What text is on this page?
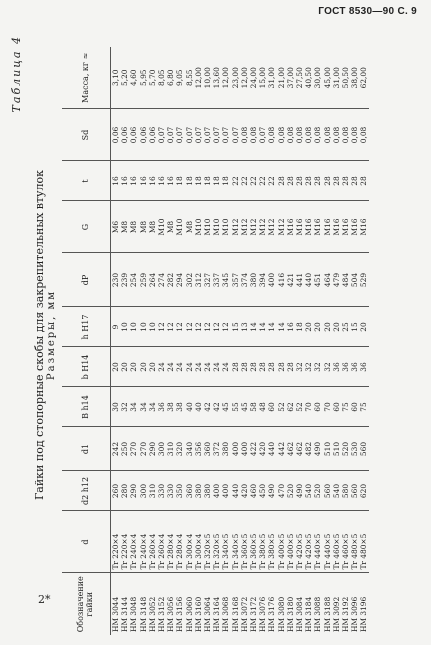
ГОСТ 8530—90 С. 9
2*
Таблица 4
Гайки под стопорные скобы для закрепительных втулок Размеры, мм
Обозначение гайки	d	d2 h12	d1	B h14	b H14	h H17	dP	G	t	Sd	Масса, кг ≈
НМ 3044	Tr 220×4	260	242	30	20	9	230	М6	16	0,06	3,10
НМ 3144	Tr 220×4	280	250	32	20	10	239	М8	16	0,06	5,20
НМ 3048	Tr 240×4	290	270	34	20	10	254	М8	16	0,06	4,60
НМ 3148	Tr 240×4	300	270	34	20	10	259	М8	16	0,06	5,95
НМ 3052	Tr 260×4	310	290	34	20	10	264	М8	16	0,06	5,70
НМ 3152	Tr 260×4	330	300	36	24	12	274	М10	16	0,07	8,05
НМ 3056	Tr 280×4	330	310	38	24	12	282	М8	16	0,07	6,80
НМ 3156	Tr 280×4	350	320	38	24	12	294	М10	18	0,07	9,05
НМ 3060	Tr 300×4	360	340	40	24	12	302	М8	18	0,07	8,55
НМ 3160	Tr 300×4	380	356	40	24	12	312	М10	18	0,07	12,00
НМ 3064	Tr 320×5	380	360	42	24	12	327	М10	18	0,07	10,00
НМ 3164	Tr 320×5	400	372	42	24	12	337	М10	18	0,07	13,60
НМ 3068	Tr 340×5	400	380	45	24	12	345	М10	18	0,07	12,00
НМ 3168	Tr 340×5	440	400	55	28	15	357	М12	22	0,07	23,00
НМ 3072	Tr 360×5	420	400	45	28	13	374	М12	22	0,08	12,00
НМ 3172	Tr 360×5	460	422	58	28	14	380	М12	22	0,08	24,00
НМ 3076	Tr 380×5	450	420	48	28	14	394	М12	22	0,07	15,00
НМ 3176	Tr 380×5	490	440	60	28	14	400	М12	22	0,08	31,00
НМ 3080	Tr 400×5	470	442	52	28	14	416	М12	28	0,08	21,00
НМ 3180	Tr 400×5	520	462	62	28	16	421	М16	28	0,08	37,00
НМ 3084	Tr 420×5	490	462	52	32	18	441	М16	28	0,08	27,50
НМ 3184	Tr 420×5	540	482	70	32	20	440	М16	28	0,08	40,50
НМ 3088	Tr 440×5	520	490	60	32	20	451	М16	28	0,08	30,00
НМ 3188	Tr 440×5	560	510	70	32	20	464	М16	28	0,08	45,00
НМ 3092	Tr 460×5	540	510	60	36	20	479	М16	28	0,08	31,00
НМ 3192	Tr 460×5	580	520	75	36	25	484	М16	28	0,08	50,50
НМ 3096	Tr 480×5	560	530	60	36	15	504	М16	28	0,08	38,00
НМ 3196	Tr 480×5	620	560	75	36	20	529	М16	28	0,08	62,00
